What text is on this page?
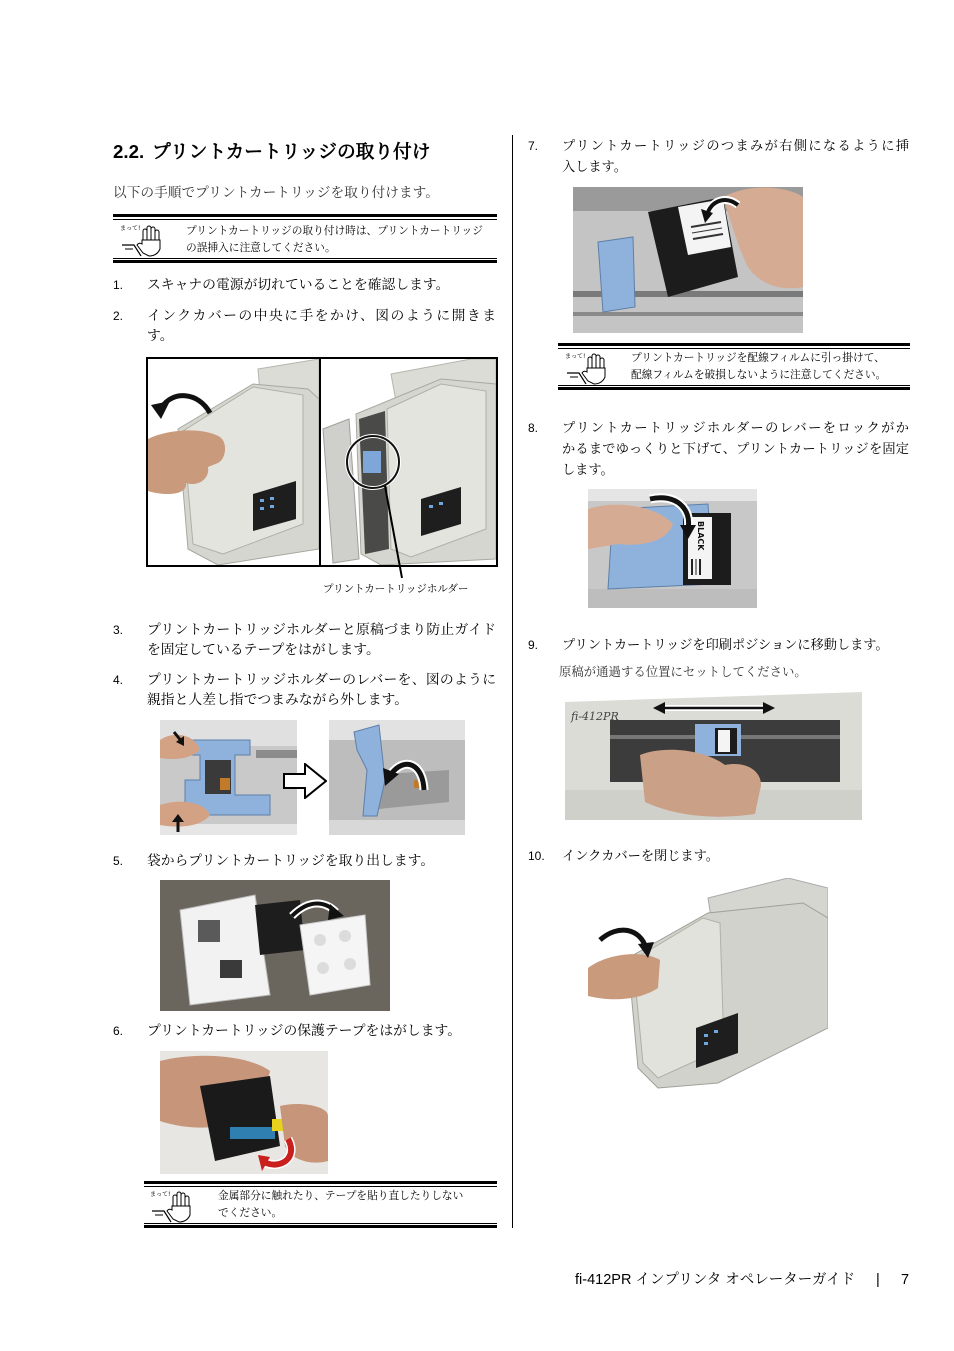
2.2. プリントカートリッジの取り付け
以下の手順でプリントカートリッジを取り付けます。
まって!	プリントカートリッジの取り付け時は、プリントカートリッジ
の誤挿入に注意してください。
1. スキャナの電源が切れていることを確認します。
2. インクカバーの中央に手をかけ、図のように開きま
す。
プリントカートリッジホルダー
3. プリントカートリッジホルダーと原稿づまり防止ガイド
を固定しているテープをはがします。
4. プリントカートリッジホルダーのレバーを、図のように
親指と人差し指でつまみながら外します。
5. 袋からプリントカートリッジを取り出します。
6. プリントカートリッジの保護テープをはがします。
まって!	金属部分に触れたり、テープを貼り直したりしない
でください。
7. プリントカートリッジのつまみが右側になるように挿
入します。
まって!	プリントカートリッジを配線フィルムに引っ掛けて、
配線フィルムを破損しないように注意してください。
8. プリントカートリッジホルダーのレバーをロックがか
かるまでゆっくりと下げて、プリントカートリッジを固定
します。
BLACK
9. プリントカートリッジを印刷ポジションに移動します。
原稿が通過する位置にセットしてください。
fi-412PR
10. インクカバーを閉じます。
fi-412PR インプリンタ オペレーターガイド | 7
